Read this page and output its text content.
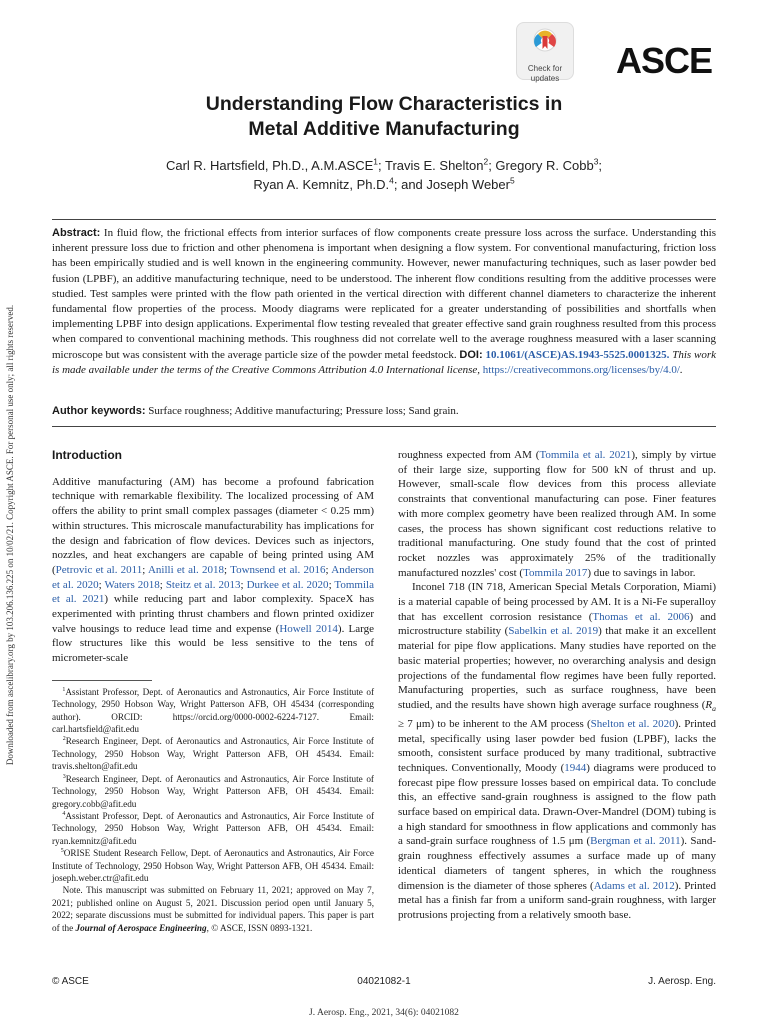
Downloaded from ascelibrary.org by 103.206.136.225 on 10/02/21. Copyright ASCE. For personal use only; all rights reserved.
Check for
updates	ASCE
Understanding Flow Characteristics in
Metal Additive Manufacturing
Carl R. Hartsfield, Ph.D., A.M.ASCE$^1$; Travis E. Shelton$^2$; Gregory R. Cobb$^3$;
Ryan A. Kemnitz, Ph.D.$^4$; and Joseph Weber$^5$
Abstract: In fluid flow, the frictional effects from interior surfaces of flow components create pressure loss across the surface. Understanding this inherent pressure loss due to friction and other phenomena is important when designing a flow system. For conventional manufacturing, friction loss has been empirically studied and is well known in the engineering community. However, newer manufacturing techniques, such as laser powder bed fusion (LPBF), an additive manufacturing technique, need to be understood. The inherent flow conditions resulting from the additive processes were studied. Test samples were printed with the flow path oriented in the vertical direction with different channel diameters to characterize the inherent fundamental flow properties of the process. Moody diagrams were replicated for a greater understanding of possibilities and shortfalls when implementing LPBF into design applications. Experimental flow testing revealed that greater effective sand grain roughness resulted from this process when compared to conventional machining methods. This roughness did not correlate well to the average roughness measured with a laser scanning microscope but was consistent with the average particle size of the powder metal feedstock. DOI: 10.1061/(ASCE)AS.1943-5525.0001325. This work is made available under the terms of the Creative Commons Attribution 4.0 International license, https://creativecommons.org/licenses/by/4.0/.
Author keywords: Surface roughness; Additive manufacturing; Pressure loss; Sand grain.
Introduction

Additive manufacturing (AM) has become a profound fabrication technique with remarkable flexibility. The localized processing of AM offers the ability to print small complex passages (diameter < 0.25 mm) within structures. This microscale manufacturability has implications for the design and fabrication of flow devices. Devices such as injectors, nozzles, and heat exchangers are capable of being printed using AM (Petrovic et al. 2011; Anilli et al. 2018; Townsend et al. 2016; Anderson et al. 2020; Waters 2018; Steitz et al. 2013; Durkee et al. 2020; Tommila et al. 2021) while reducing part and labor complexity. SpaceX has experimented with printing thrust chambers and flown printed oxidizer valve housings to reduce lead time and expense (Howell 2014). Large flow structures like this would be less sensitive to the tens of micrometer-scale

$^1$Assistant Professor, Dept. of Aeronautics and Astronautics, Air Force Institute of Technology, 2950 Hobson Way, Wright Patterson AFB, OH 45434 (corresponding author). ORCID: https://orcid.org/0000-0002-6224-7127. Email: carl.hartsfield@afit.edu

$^2$Research Engineer, Dept. of Aeronautics and Astronautics, Air Force Institute of Technology, 2950 Hobson Way, Wright Patterson AFB, OH 45434. Email: travis.shelton@afit.edu

$^3$Research Engineer, Dept. of Aeronautics and Astronautics, Air Force Institute of Technology, 2950 Hobson Way, Wright Patterson AFB, OH 45434. Email: gregory.cobb@afit.edu

$^4$Assistant Professor, Dept. of Aeronautics and Astronautics, Air Force Institute of Technology, 2950 Hobson Way, Wright Patterson AFB, OH 45434. Email: ryan.kemnitz@afit.edu

$^5$ORISE Student Research Fellow, Dept. of Aeronautics and Astronautics, Air Force Institute of Technology, 2950 Hobson Way, Wright Patterson AFB, OH 45434. Email: joseph.weber.ctr@afit.edu

Note. This manuscript was submitted on February 11, 2021; approved on May 7, 2021; published online on August 5, 2021. Discussion period open until January 5, 2022; separate discussions must be submitted for individual papers. This paper is part of the Journal of Aerospace Engineering, © ASCE, ISSN 0893-1321.

roughness expected from AM (Tommila et al. 2021), simply by virtue of their large size, supporting flow for 500 kN of thrust and up. However, small-scale flow devices from this process alleviate constraints that conventional manufacturing can pose. Finer features with more complex geometry have been realized through AM. In some cases, the process has shown significant cost reductions relative to traditional manufacturing. One study found that the cost of printed rocket nozzles was approximately 25% of the traditionally manufactured nozzles' cost (Tommila 2017) due to savings in labor.

Inconel 718 (IN 718, American Special Metals Corporation, Miami) is a material capable of being processed by AM. It is a Ni-Fe superalloy that has excellent corrosion resistance (Thomas et al. 2006) and microstructure stability (Sabelkin et al. 2019) that make it an excellent material for pipe flow applications. Many studies have reported on the basic material properties; however, no overarching analysis and design projections of the fundamental flow regimes have been fully reported. Manufacturing properties, such as surface roughness, have been studied, and the results have shown high average surface roughness ($R_a \ge 7$ μm) to be inherent to the AM process (Shelton et al. 2020). Printed metal, specifically using laser powder bed fusion (LPBF), lacks the smooth, consistent surface produced by many traditional, subtractive techniques. Conventionally, Moody (1944) diagrams were produced to forecast pipe flow pressure losses based on empirical data. To conclude this, an effective sand-grain roughness is assigned to the flow path surface based on empirical data. Drawn-Over-Mandrel (DOM) tubing is a high standard for smoothness in flow applications and commonly has a sand-grain surface roughness of 1.5 μm (Bergman et al. 2011). Sand-grain roughness effectively assumes a surface made up of many identical diameters of tangent spheres, in which the roughness dimension is the diameter of those spheres (Adams et al. 2012). Printed metal has a finish far from a uniform sand-grain roughness, with larger protrusions projecting from a relatively smooth base.

© ASCE	04021082-1	J. Aerosp. Eng.
J. Aerosp. Eng., 2021, 34(6): 04021082
